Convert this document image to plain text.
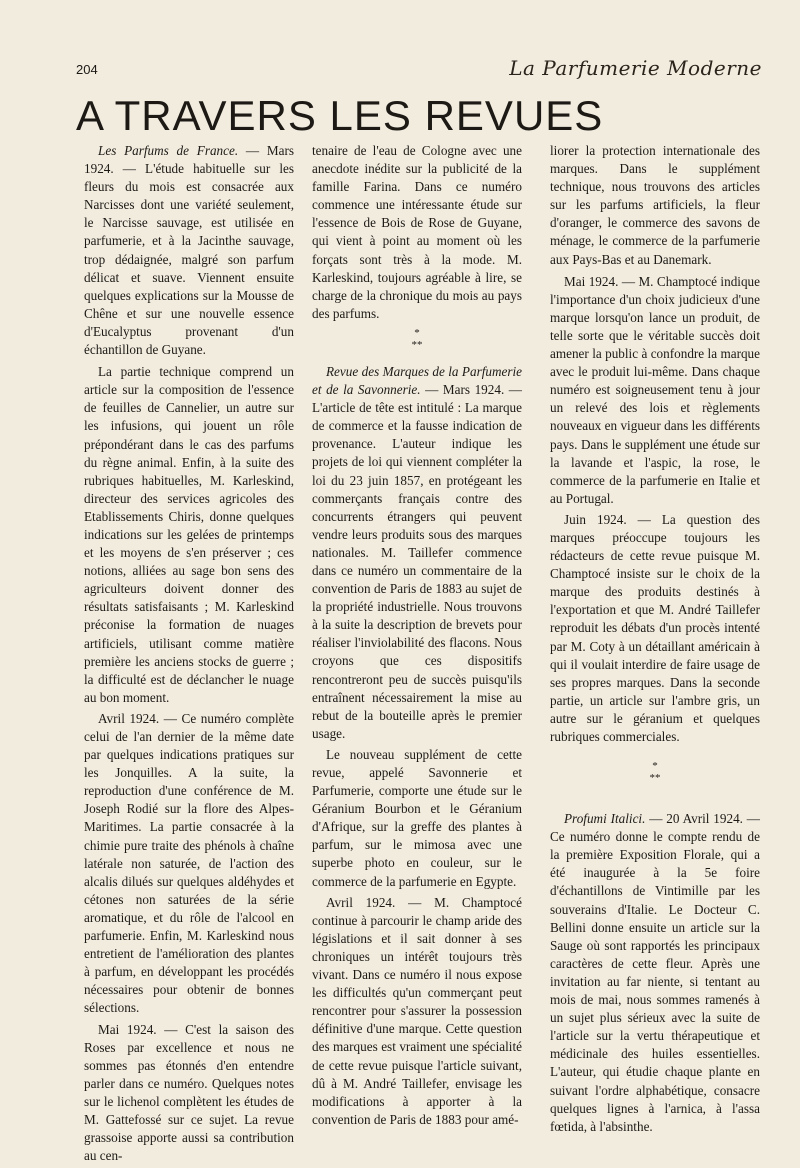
204	La Parfumerie Moderne
A TRAVERS LES REVUES

Les Parfums de France. — Mars 1924. — L'étude habituelle sur les fleurs du mois est consacrée aux Narcisses dont une variété seulement, le Narcisse sauvage, est utilisée en parfumerie, et à la Jacinthe sauvage, trop dédaignée, malgré son parfum délicat et suave. Viennent ensuite quelques explications sur la Mousse de Chêne et sur une nouvelle essence d'Eucalyptus provenant d'un échantillon de Guyane.

La partie technique comprend un article sur la composition de l'essence de feuilles de Cannelier, un autre sur les infusions, qui jouent un rôle prépondérant dans le cas des parfums du règne animal. Enfin, à la suite des rubriques habituelles, M. Karleskind, directeur des services agricoles des Etablissements Chiris, donne quelques indications sur les gelées de printemps et les moyens de s'en préserver ; ces notions, alliées au sage bon sens des agriculteurs doivent donner des résultats satisfaisants ; M. Karleskind préconise la formation de nuages artificiels, utilisant comme matière première les anciens stocks de guerre ; la difficulté est de déclancher le nuage au bon moment.

Avril 1924. — Ce numéro complète celui de l'an dernier de la même date par quelques indications pratiques sur les Jonquilles. A la suite, la reproduction d'une conférence de M. Joseph Rodié sur la flore des Alpes-Maritimes. La partie consacrée à la chimie pure traite des phénols à chaîne latérale non saturée, de l'action des alcalis dilués sur quelques aldéhydes et cétones non saturées de la série aromatique, et du rôle de l'alcool en parfumerie. Enfin, M. Karleskind nous entretient de l'amélioration des plantes à parfum, en développant les procédés nécessaires pour obtenir de bonnes sélections.

Mai 1924. — C'est la saison des Roses par excellence et nous ne sommes pas étonnés d'en entendre parler dans ce numéro. Quelques notes sur le lichenol complètent les études de M. Gattefossé sur ce sujet. La revue grassoise apporte aussi sa contribution au cen-

tenaire de l'eau de Cologne avec une anecdote inédite sur la publicité de la famille Farina. Dans ce numéro commence une intéressante étude sur l'essence de Bois de Rose de Guyane, qui vient à point au moment où les forçats sont très à la mode. M. Karleskind, toujours agréable à lire, se charge de la chronique du mois au pays des parfums.

*
**

Revue des Marques de la Parfumerie et de la Savonnerie. — Mars 1924. — L'article de tête est intitulé : La marque de commerce et la fausse indication de provenance. L'auteur indique les projets de loi qui viennent compléter la loi du 23 juin 1857, en protégeant les commerçants français contre des concurrents étrangers qui peuvent vendre leurs produits sous des marques nationales. M. Taillefer commence dans ce numéro un commentaire de la convention de Paris de 1883 au sujet de la propriété industrielle. Nous trouvons à la suite la description de brevets pour réaliser l'inviolabilité des flacons. Nous croyons que ces dispositifs rencontreront peu de succès puisqu'ils entraînent nécessairement la mise au rebut de la bouteille après le premier usage.

Le nouveau supplément de cette revue, appelé Savonnerie et Parfumerie, comporte une étude sur le Géranium Bourbon et le Géranium d'Afrique, sur la greffe des plantes à parfum, sur le mimosa avec une superbe photo en couleur, sur le commerce de la parfumerie en Egypte.

Avril 1924. — M. Champtocé continue à parcourir le champ aride des législations et il sait donner à ses chroniques un intérêt toujours très vivant. Dans ce numéro il nous expose les difficultés qu'un commerçant peut rencontrer pour s'assurer la possession définitive d'une marque. Cette question des marques est vraiment une spécialité de cette revue puisque l'article suivant, dû à M. André Taillefer, envisage les modifications à apporter à la convention de Paris de 1883 pour amé-

liorer la protection internationale des marques. Dans le supplément technique, nous trouvons des articles sur les parfums artificiels, la fleur d'oranger, le commerce des savons de ménage, le commerce de la parfumerie aux Pays-Bas et au Danemark.

Mai 1924. — M. Champtocé indique l'importance d'un choix judicieux d'une marque lorsqu'on lance un produit, de telle sorte que le véritable succès doit amener la public à confondre la marque avec le produit lui-même. Dans chaque numéro est soigneusement tenu à jour un relevé des lois et règlements nouveaux en vigueur dans les différents pays. Dans le supplément une étude sur la lavande et l'aspic, la rose, le commerce de la parfumerie en Italie et au Portugal.

Juin 1924. — La question des marques préoccupe toujours les rédacteurs de cette revue puisque M. Champtocé insiste sur le choix de la marque des produits destinés à l'exportation et que M. André Taillefer reproduit les débats d'un procès intenté par M. Coty à un détaillant américain à qui il voulait interdire de faire usage de ses propres marques. Dans la seconde partie, un article sur l'ambre gris, un autre sur le géranium et quelques rubriques commerciales.

*
**

Profumi Italici. — 20 Avril 1924. — Ce numéro donne le compte rendu de la première Exposition Florale, qui a été inaugurée à la 5e foire d'échantillons de Vintimille par les souverains d'Italie. Le Docteur C. Bellini donne ensuite un article sur la Sauge où sont rapportés les principaux caractères de cette fleur. Après une invitation au far niente, si tentant au mois de mai, nous sommes ramenés à un sujet plus sérieux avec la suite de l'article sur la vertu thérapeutique et médicinale des huiles essentielles. L'auteur, qui étudie chaque plante en suivant l'ordre alphabétique, consacre quelques lignes à l'arnica, à l'assa fœtida, à l'absinthe.
